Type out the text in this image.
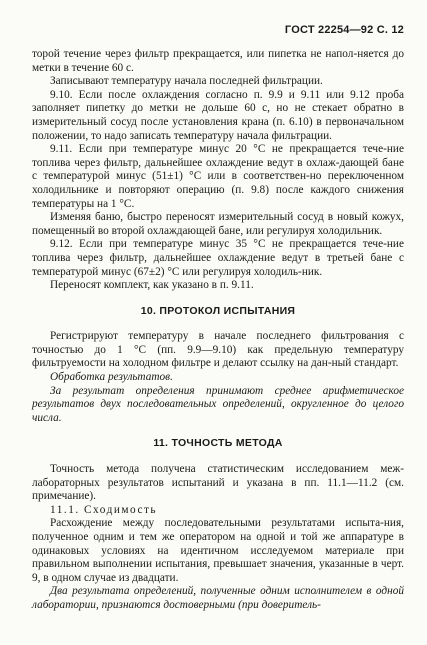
ГОСТ 22254—92 С. 12

торой течение через фильтр прекращается, или пипетка не напол-няется до метки в течение 60 с.

Записывают температуру начала последней фильтрации.

9.10. Если после охлаждения согласно п. 9.9 и 9.11 или 9.12 проба заполняет пипетку до метки не дольше 60 с, но не стекает обратно в измерительный сосуд после установления крана (п. 6.10) в первоначальном положении, то надо записать температуру начала фильтрации.

9.11. Если при температуре минус 20 °С не прекращается тече-ние топлива через фильтр, дальнейшее охлаждение ведут в охлаж-дающей бане с температурой минус (51±1) °С или в соответствен-но переключенном холодильнике и повторяют операцию (п. 9.8) после каждого снижения температуры на 1 °С.

Изменяя баню, быстро переносят измерительный сосуд в новый кожух, помещенный во второй охлаждающей бане, или регулируя холодильник.

9.12. Если при температуре минус 35 °С не прекращается тече-ние топлива через фильтр, дальнейшее охлаждение ведут в третьей бане с температурой минус (67±2) °С или регулируя холодиль-ник.

Переносят комплект, как указано в п. 9.11.

10. ПРОТОКОЛ ИСПЫТАНИЯ

Регистрируют температуру в начале последнего фильтрования с точностью до 1 °С (пп. 9.9—9.10) как предельную температуру фильтруемости на холодном фильтре и делают ссылку на дан-ный стандарт.

Обработка результатов.

За результат определения принимают среднее арифметическое результатов двух последовательных определений, округленное до целого числа.

11. ТОЧНОСТЬ МЕТОДА

Точность метода получена статистическим исследованием меж-лабораторных результатов испытаний и указана в пп. 11.1—11.2 (см. примечание).

11.1. Сходимость

Расхождение между последовательными результатами испыта-ния, полученное одним и тем же оператором на одной и той же аппаратуре в одинаковых условиях на идентичном исследуемом материале при правильном выполнении испытания, превышает значения, указанные в черт. 9, в одном случае из двадцати.

Два результата определений, полученные одним исполнителем в одной лаборатории, признаются достоверными (при доверитель-
